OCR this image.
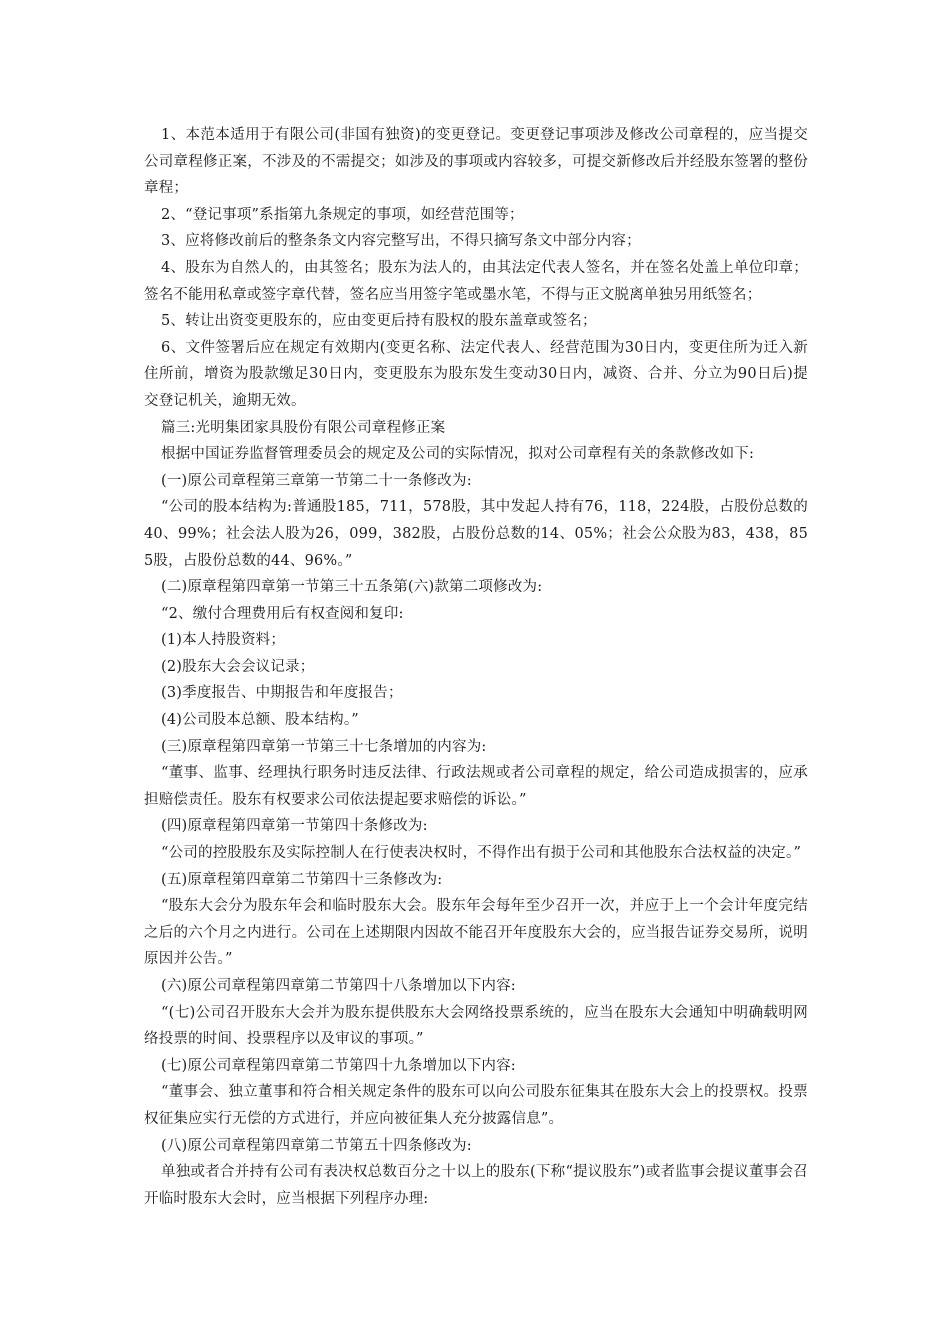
1、本范本适用于有限公司(非国有独资)的变更登记。变更登记事项涉及修改公司章程的，应当提交公司章程修正案，不涉及的不需提交；如涉及的事项或内容较多，可提交新修改后并经股东签署的整份章程；

2、“登记事项”系指第九条规定的事项，如经营范围等；

3、应将修改前后的整条条文内容完整写出，不得只摘写条文中部分内容；

4、股东为自然人的，由其签名；股东为法人的，由其法定代表人签名，并在签名处盖上单位印章；签名不能用私章或签字章代替，签名应当用签字笔或墨水笔，不得与正文脱离单独另用纸签名；

5、转让出资变更股东的，应由变更后持有股权的股东盖章或签名；

6、文件签署后应在规定有效期内(变更名称、法定代表人、经营范围为30日内，变更住所为迁入新住所前，增资为股款缴足30日内，变更股东为股东发生变动30日内，减资、合并、分立为90日后)提交登记机关，逾期无效。

篇三:光明集团家具股份有限公司章程修正案

根据中国证券监督管理委员会的规定及公司的实际情况，拟对公司章程有关的条款修改如下:

(一)原公司章程第三章第一节第二十一条修改为:

“公司的股本结构为:普通股185，711，578股，其中发起人持有76，118，224股，占股份总数的40、99%；社会法人股为26，099，382股，占股份总数的14、05%；社会公众股为83，438，855股，占股份总数的44、96%。”

(二)原章程第四章第一节第三十五条第(六)款第二项修改为:

“2、缴付合理费用后有权查阅和复印:

(1)本人持股资料；

(2)股东大会会议记录；

(3)季度报告、中期报告和年度报告；

(4)公司股本总额、股本结构。”

(三)原章程第四章第一节第三十七条增加的内容为:

“董事、监事、经理执行职务时违反法律、行政法规或者公司章程的规定，给公司造成损害的，应承担赔偿责任。股东有权要求公司依法提起要求赔偿的诉讼。”

(四)原章程第四章第一节第四十条修改为:

“公司的控股股东及实际控制人在行使表决权时，不得作出有损于公司和其他股东合法权益的决定。”

(五)原章程第四章第二节第四十三条修改为:

“股东大会分为股东年会和临时股东大会。股东年会每年至少召开一次，并应于上一个会计年度完结之后的六个月之内进行。公司在上述期限内因故不能召开年度股东大会的，应当报告证券交易所，说明原因并公告。”

(六)原公司章程第四章第二节第四十八条增加以下内容:

“(七)公司召开股东大会并为股东提供股东大会网络投票系统的，应当在股东大会通知中明确载明网络投票的时间、投票程序以及审议的事项。”

(七)原公司章程第四章第二节第四十九条增加以下内容:

“董事会、独立董事和符合相关规定条件的股东可以向公司股东征集其在股东大会上的投票权。投票权征集应实行无偿的方式进行，并应向被征集人充分披露信息”。

(八)原公司章程第四章第二节第五十四条修改为:

单独或者合并持有公司有表决权总数百分之十以上的股东(下称“提议股东”)或者监事会提议董事会召开临时股东大会时，应当根据下列程序办理:
